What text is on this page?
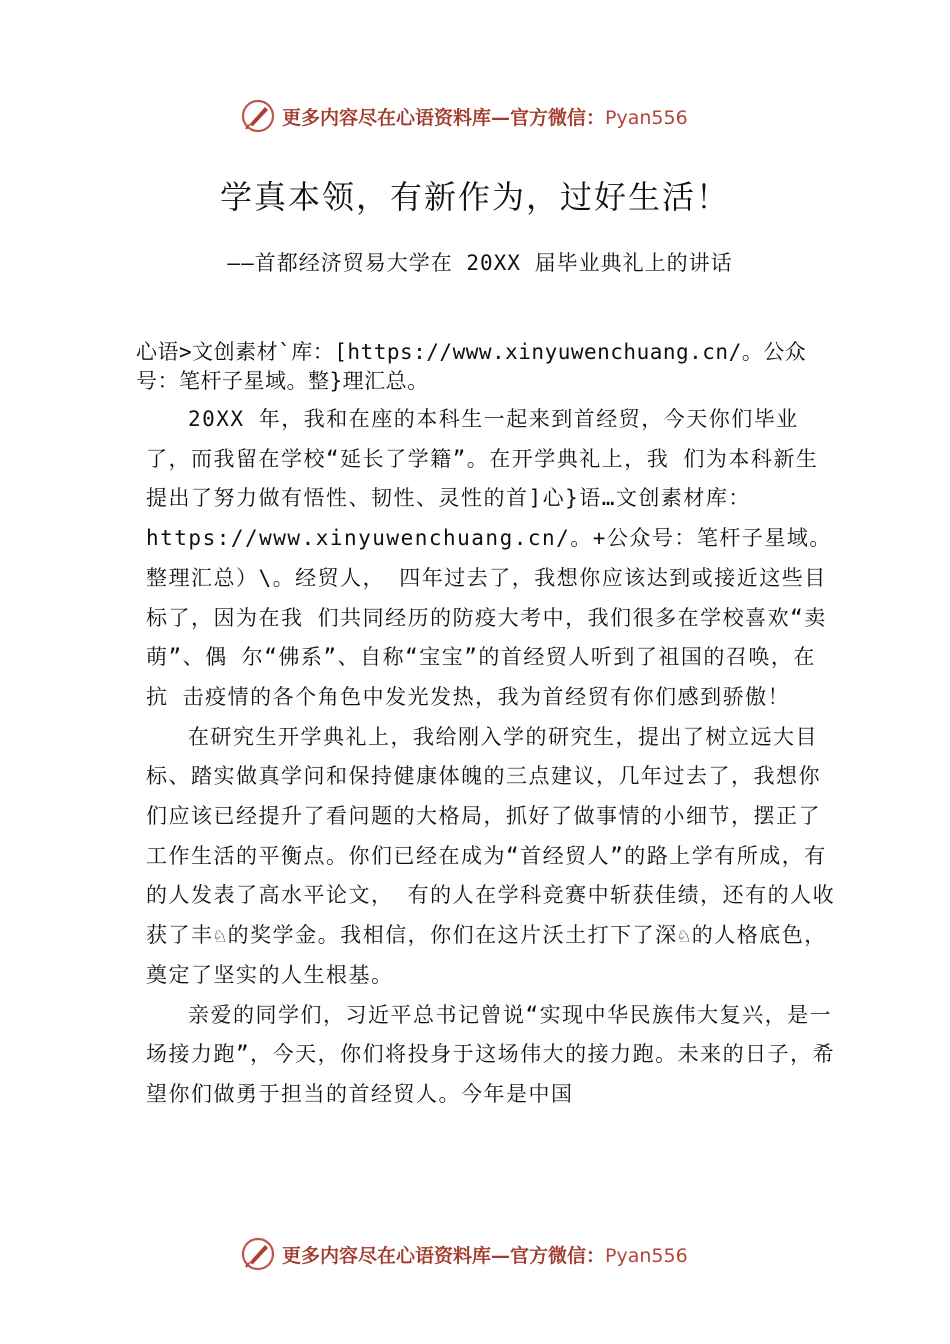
更多内容尽在心语资料库—官方微信：Pyan556
学真本领，有新作为，过好生活！
——首都经济贸易大学在 20XX 届毕业典礼上的讲话

心语>文创素材`库：[https://www.xinyuwenchuang.cn/。公众号：笔杆子星域。整}理汇总。

20XX 年，我和在座的本科生一起来到首经贸，今天你们毕业了，而我留在学校“延长了学籍”。在开学典礼上，我 们为本科新生提出了努力做有悟性、韧性、灵性的首]心}语…文创素材库：https://www.xinyuwenchuang.cn/。+公众号：笔杆子星域。整理汇总）\。经贸人， 四年过去了，我想你应该达到或接近这些目标了，因为在我 们共同经历的防疫大考中，我们很多在学校喜欢“卖萌”、偶 尔“佛系”、自称“宝宝”的首经贸人听到了祖国的召唤，在抗 击疫情的各个角色中发光发热，我为首经贸有你们感到骄傲！

在研究生开学典礼上，我给刚入学的研究生，提出了树立远大目标、踏实做真学问和保持健康体魄的三点建议，几年过去了，我想你们应该已经提升了看问题的大格局，抓好了做事情的小细节，摆正了工作生活的平衡点。你们已经在成为“首经贸人”的路上学有所成，有的人发表了高水平论文， 有的人在学科竞赛中斩获佳绩，还有的人收获了丰♘的奖学金。我相信，你们在这片沃土打下了深♘的人格底色，奠定了坚实的人生根基。

亲爱的同学们，习近平总书记曾说“实现中华民族伟大复兴，是一场接力跑”，今天，你们将投身于这场伟大的接力跑。未来的日子，希望你们做勇于担当的首经贸人。今年是中国

更多内容尽在心语资料库—官方微信：Pyan556
